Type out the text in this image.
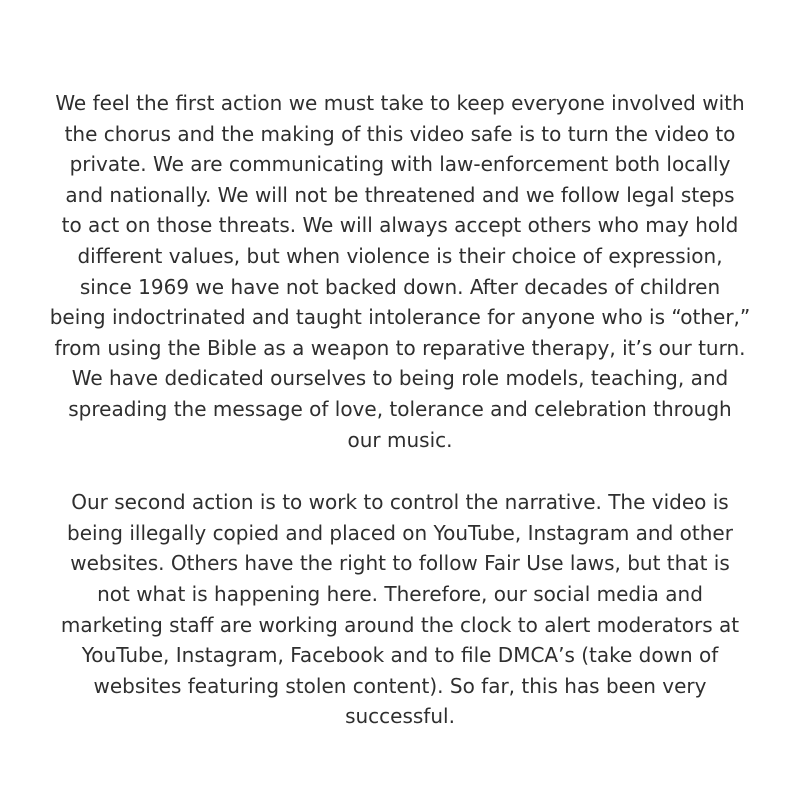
We feel the first action we must take to keep everyone involved with
the chorus and the making of this video safe is to turn the video to
private. We are communicating with law-enforcement both locally
and nationally. We will not be threatened and we follow legal steps
to act on those threats. We will always accept others who may hold
different values, but when violence is their choice of expression,
since 1969 we have not backed down. After decades of children
being indoctrinated and taught intolerance for anyone who is “other,”
from using the Bible as a weapon to reparative therapy, it’s our turn.
We have dedicated ourselves to being role models, teaching, and
spreading the message of love, tolerance and celebration through
our music.

Our second action is to work to control the narrative. The video is
being illegally copied and placed on YouTube, Instagram and other
websites. Others have the right to follow Fair Use laws, but that is
not what is happening here. Therefore, our social media and
marketing staff are working around the clock to alert moderators at
YouTube, Instagram, Facebook and to file DMCA’s (take down of
websites featuring stolen content). So far, this has been very
successful.
